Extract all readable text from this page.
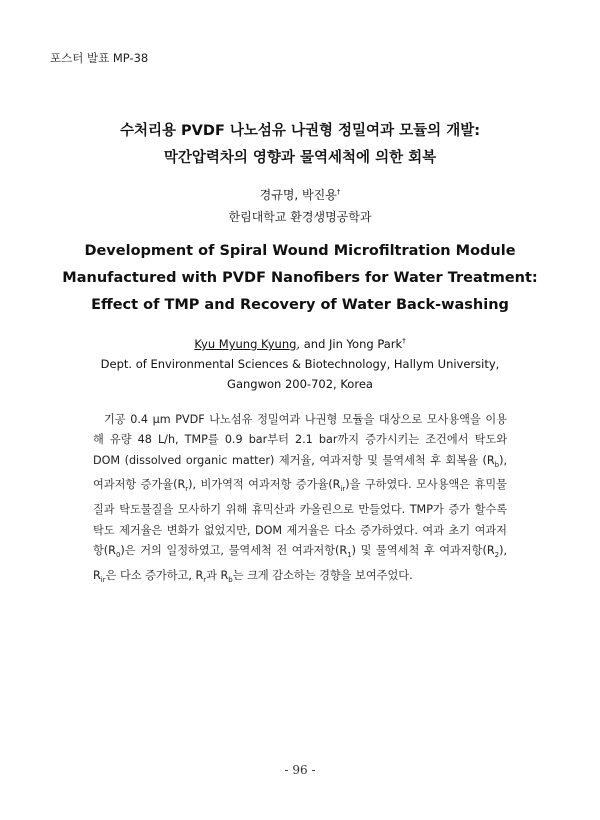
포스터 발표 MP-38
수처리용 PVDF 나노섬유 나권형 정밀여과 모듈의 개발:
막간압력차의 영향과 물역세척에 의한 회복
경규명, 박진용†
한림대학교 환경생명공학과
Development of Spiral Wound Microfiltration Module
Manufactured with PVDF Nanofibers for Water Treatment:
Effect of TMP and Recovery of Water Back-washing
Kyu Myung Kyung, and Jin Yong Park†
Dept. of Environmental Sciences & Biotechnology, Hallym University,
Gangwon 200-702, Korea
기공 0.4 μm PVDF 나노섬유 정밀여과 나권형 모듈을 대상으로 모사용액을 이용해 유량 48 L/h, TMP를 0.9 bar부터 2.1 bar까지 증가시키는 조건에서 탁도와 DOM (dissolved organic matter) 제거율, 여과저항 및 물역세척 후 회복율 $(R_b)$, 여과저항 증가율$(R_r)$, 비가역적 여과저항 증가율$(R_{ir})$을 구하였다. 모사용액은 휴믹물질과 탁도물질을 모사하기 위해 휴믹산과 카올린으로 만들었다. TMP가 증가 할수록 탁도 제거율은 변화가 없었지만, DOM 제거율은 다소 증가하였다. 여과 초기 여과저항$(R_0)$은 거의 일정하였고, 물역세척 전 여과저항$(R_1)$ 및 물역세척 후 여과저항$(R_2)$, $R_{ir}$은 다소 증가하고, $R_r$과 $R_b$는 크게 감소하는 경향을 보여주었다.
- 96 -
